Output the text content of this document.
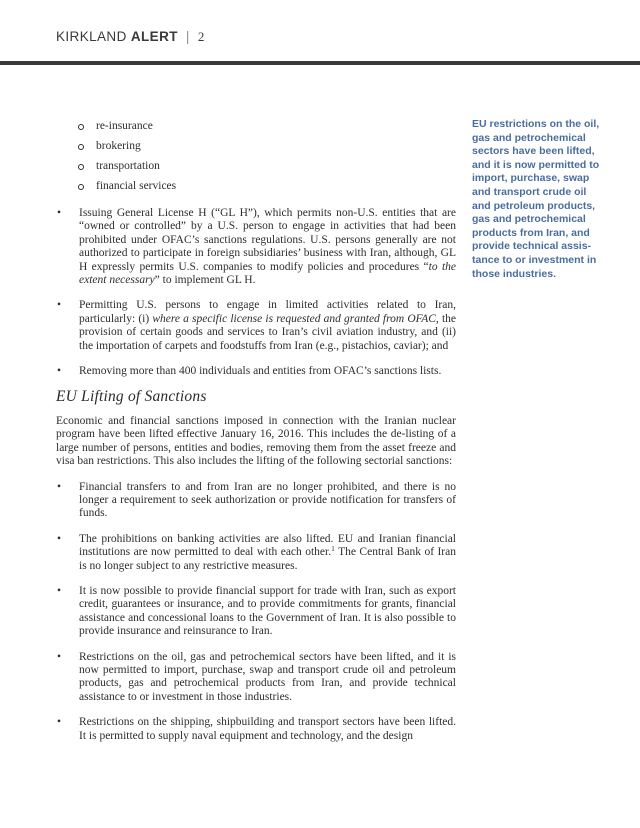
KIRKLAND ALERT | 2
re-insurance
brokering
transportation
financial services
• Issuing General License H (“GL H”), which permits non-U.S. entities that are “owned or controlled” by a U.S. person to engage in activities that had been prohibited under OFAC’s sanctions regulations. U.S. persons generally are not authorized to participate in foreign subsidiaries’ business with Iran, although, GL H expressly permits U.S. companies to modify policies and procedures “to the extent necessary” to implement GL H.
• Permitting U.S. persons to engage in limited activities related to Iran, particularly: (i) where a specific license is requested and granted from OFAC, the provision of certain goods and services to Iran’s civil aviation industry, and (ii) the importation of carpets and foodstuffs from Iran (e.g., pistachios, caviar); and
• Removing more than 400 individuals and entities from OFAC’s sanctions lists.
EU Lifting of Sanctions

Economic and financial sanctions imposed in connection with the Iranian nuclear program have been lifted effective January 16, 2016. This includes the de-listing of a large number of persons, entities and bodies, removing them from the asset freeze and visa ban restrictions. This also includes the lifting of the following sectorial sanctions:

• Financial transfers to and from Iran are no longer prohibited, and there is no longer a requirement to seek authorization or provide notification for transfers of funds.
• The prohibitions on banking activities are also lifted. EU and Iranian financial institutions are now permitted to deal with each other.$^1$ The Central Bank of Iran is no longer subject to any restrictive measures.
• It is now possible to provide financial support for trade with Iran, such as export credit, guarantees or insurance, and to provide commitments for grants, financial assistance and concessional loans to the Government of Iran. It is also possible to provide insurance and reinsurance to Iran.
• Restrictions on the oil, gas and petrochemical sectors have been lifted, and it is now permitted to import, purchase, swap and transport crude oil and petroleum products, gas and petrochemical products from Iran, and provide technical assistance to or investment in those industries.
• Restrictions on the shipping, shipbuilding and transport sectors have been lifted. It is permitted to supply naval equipment and technology, and the design
EU restrictions on the oil,
gas and petrochemical
sectors have been lifted,
and it is now permitted to
import, purchase, swap
and transport crude oil
and petroleum products,
gas and petrochemical
products from Iran, and
provide technical assis-
tance to or investment in
those industries.
